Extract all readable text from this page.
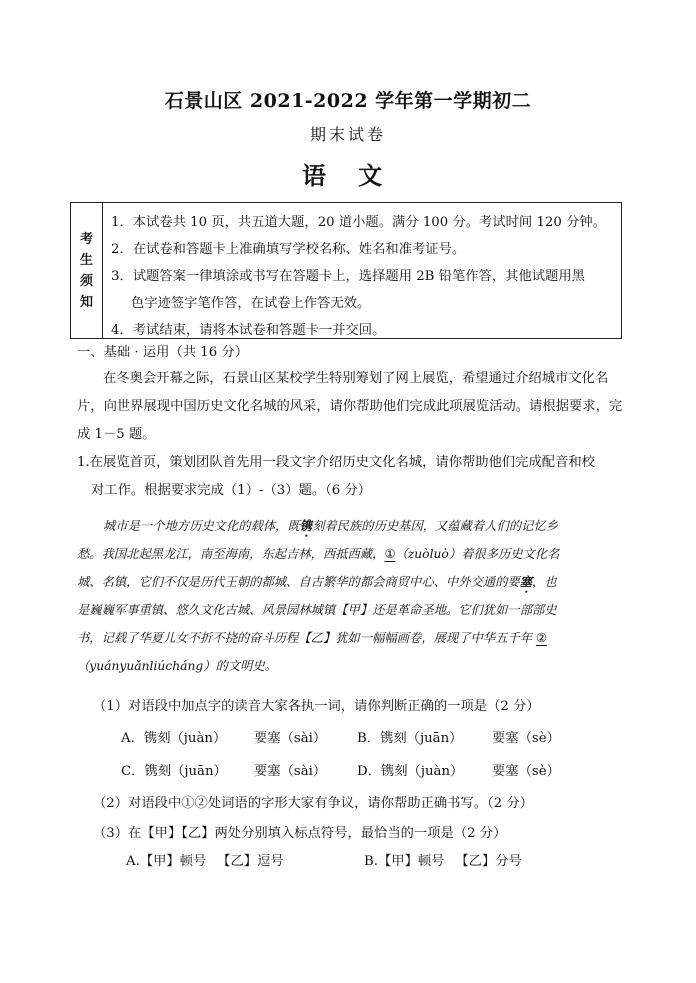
石景山区 2021-2022 学年第一学期初二
期末试卷
语 文
考
生
须
知
1．本试卷共 10 页，共五道大题，20 道小题。满分 100 分。考试时间 120 分钟。
2．在试卷和答题卡上准确填写学校名称、姓名和准考证号。
3．试题答案一律填涂或书写在答题卡上，选择题用 2B 铅笔作答，其他试题用黑
色字迹签字笔作答，在试卷上作答无效。
4．考试结束，请将本试卷和答题卡一并交回。
一、基础 · 运用（共 16 分）
在冬奥会开幕之际，石景山区某校学生特别筹划了网上展览，希望通过介绍城市文化名片，向世界展现中国历史文化名城的风采，请你帮助他们完成此项展览活动。请根据要求，完成 1－5 题。
1.在展览首页，策划团队首先用一段文字介绍历史文化名城，请你帮助他们完成配音和校
对工作。根据要求完成（1）-（3）题。（6 分）
城市是一个地方历史文化的载体，既镌刻着民族的历史基因，又蕴藏着人们的记忆乡
愁。我国北起黑龙江，南至海南，东起吉林，西抵西藏，①（zuòluò）着很多历史文化名
城、名镇，它们不仅是历代王朝的都城、自古繁华的都会商贸中心、中外交通的要塞，也
是巍巍军事重镇、悠久文化古城、风景园林城镇【甲】还是革命圣地。它们犹如一部部史
书，记载了华夏儿女不折不挠的奋斗历程【乙】犹如一幅幅画卷，展现了中华五千年 ②
（yuányuǎnliúcháng）的文明史。
（1）对语段中加点字的读音大家各执一词，请你判断正确的一项是（2 分）
A．镌刻（juàn） 要塞（sài） B．镌刻（juān） 要塞（sè）
C．镌刻（juān） 要塞（sài） D．镌刻（juàn） 要塞（sè）
（2）对语段中①②处词语的字形大家有争议，请你帮助正确书写。（2 分）
（3）在【甲】【乙】两处分别填入标点符号，最恰当的一项是（2 分）
A.【甲】顿号 　【乙】逗号	B.【甲】顿号 　【乙】分号
